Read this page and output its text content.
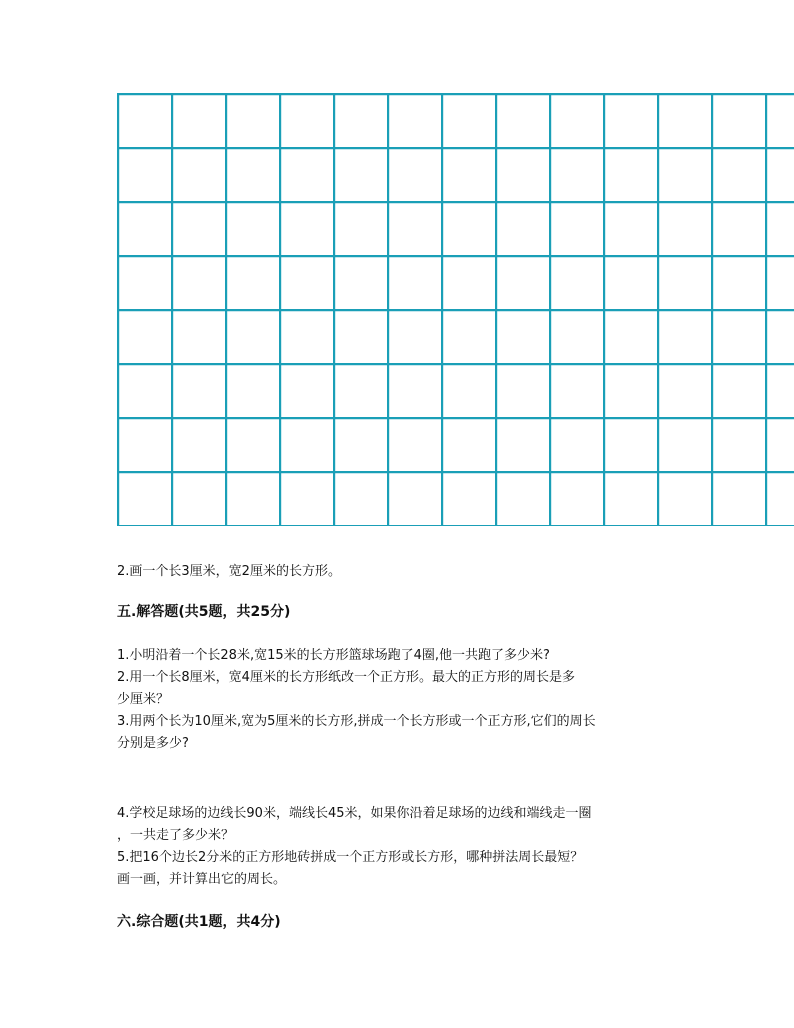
2.画一个长3厘米，宽2厘米的长方形。
五.解答题(共5题，共25分)
1.小明沿着一个长28米,宽15米的长方形篮球场跑了4圈,他一共跑了多少米?
2.用一个长8厘米，宽4厘米的长方形纸改一个正方形。最大的正方形的周长是多
少厘米？
3.用两个长为10厘米,宽为5厘米的长方形,拼成一个长方形或一个正方形,它们的周长
分别是多少?
4.学校足球场的边线长90米，端线长45米，如果你沿着足球场的边线和端线走一圈
，一共走了多少米？
5.把16个边长2分米的正方形地砖拼成一个正方形或长方形，哪种拼法周长最短？
画一画，并计算出它的周长。
六.综合题(共1题，共4分)
